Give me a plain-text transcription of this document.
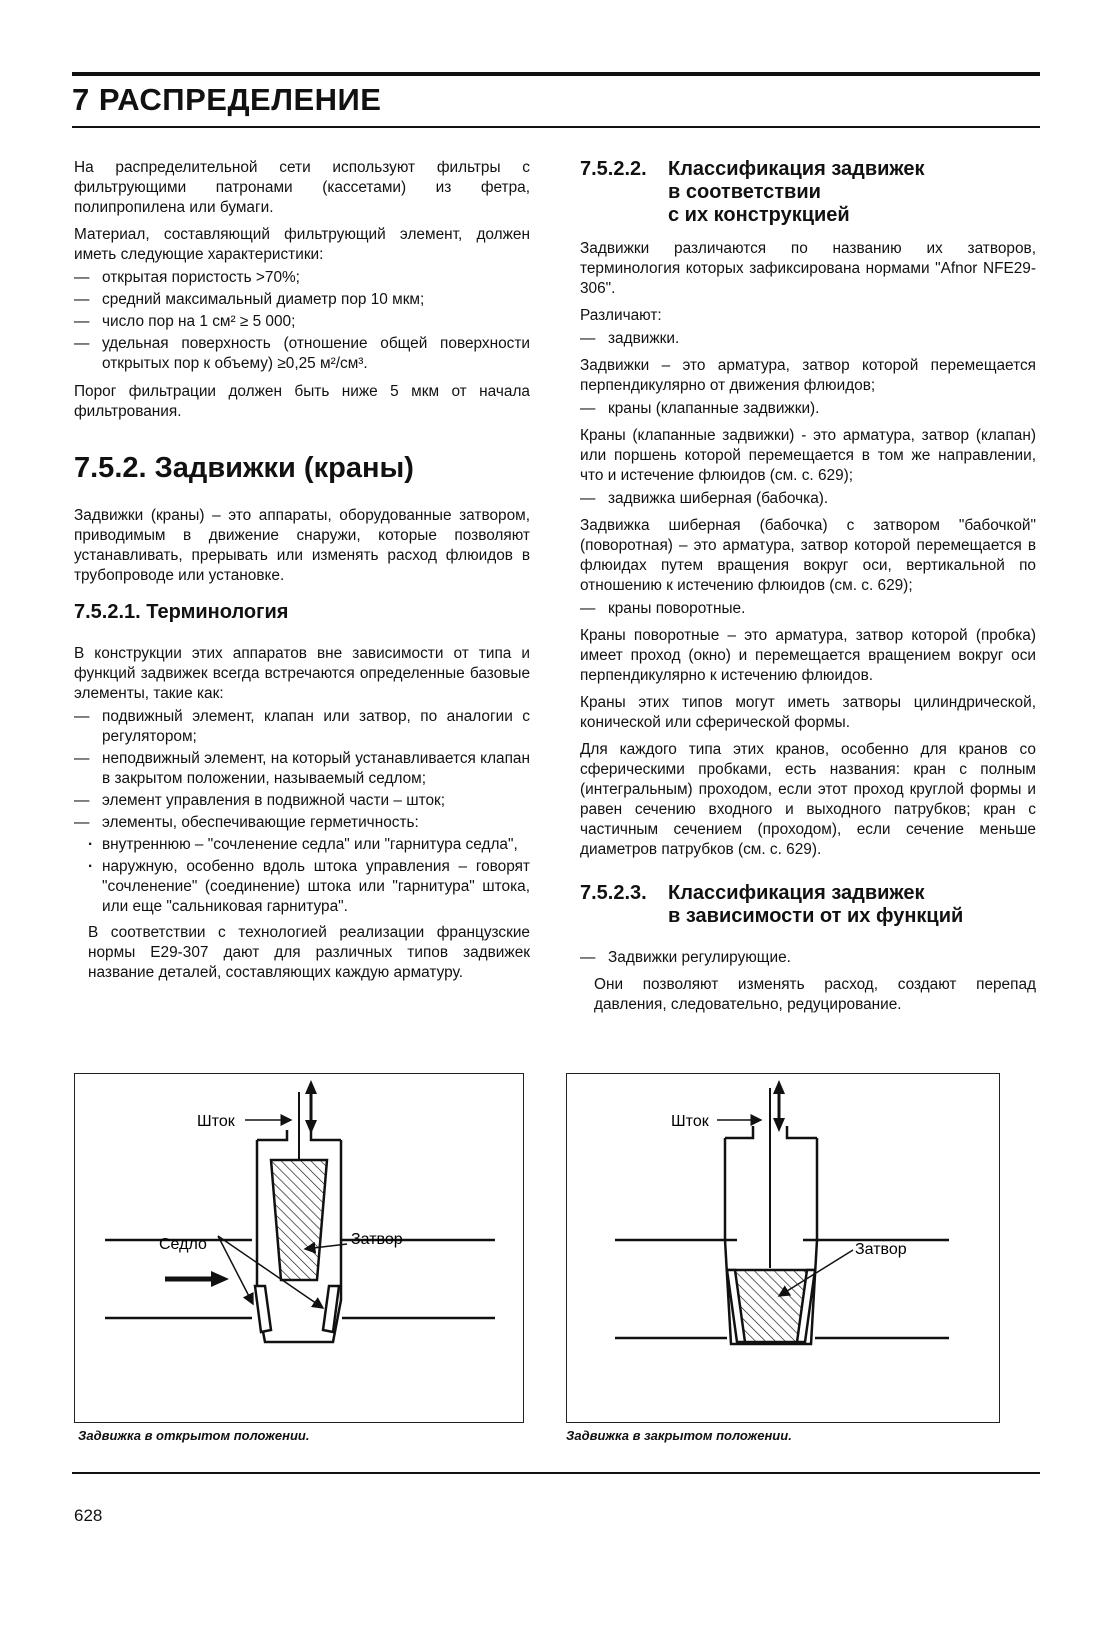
7 РАСПРЕДЕЛЕНИЕ

На распределительной сети используют фильтры с фильтрующими патронами (кассетами) из фетра, полипропилена или бумаги.

Материал, составляющий фильтрующий элемент, должен иметь следующие характеристики:

— открытая пористость >70%;
— средний максимальный диаметр пор 10 мкм;
— число пор на 1 см² ≥ 5 000;
— удельная поверхность (отношение общей поверхности открытых пор к объему) ≥0,25 м²/см³.

Порог фильтрации должен быть ниже 5 мкм от начала фильтрования.

7.5.2. Задвижки (краны)

Задвижки (краны) – это аппараты, оборудованные затвором, приводимым в движение снаружи, которые позволяют устанавливать, прерывать или изменять расход флюидов в трубопроводе или установке.

7.5.2.1. Терминология

В конструкции этих аппаратов вне зависимости от типа и функций задвижек всегда встречаются определенные базовые элементы, такие как:

— подвижный элемент, клапан или затвор, по аналогии с регулятором;
— неподвижный элемент, на который устанавливается клапан в закрытом положении, называемый седлом;
— элемент управления в подвижной части – шток;
— элементы, обеспечивающие герметичность:
· внутреннюю – "сочленение седла" или "гарнитура седла",
· наружную, особенно вдоль штока управления – говорят "сочленение" (соединение) штока или "гарнитура" штока, или еще "сальниковая гарнитура".

В соответствии с технологией реализации французские нормы E29-307 дают для различных типов задвижек название деталей, составляющих каждую арматуру.

7.5.2.2. Классификация задвижек
в соответствии
с их конструкцией

Задвижки различаются по названию их затворов, терминология которых зафиксирована нормами "Afnor NFE29-306".

Различают:

— задвижки.

Задвижки – это арматура, затвор которой перемещается перпендикулярно от движения флюидов;

— краны (клапанные задвижки).

Краны (клапанные задвижки) - это арматура, затвор (клапан) или поршень которой перемещается в том же направлении, что и истечение флюидов (см. с. 629);

— задвижка шиберная (бабочка).

Задвижка шиберная (бабочка) с затвором "бабочкой" (поворотная) – это арматура, затвор которой перемещается в флюидах путем вращения вокруг оси, вертикальной по отношению к истечению флюидов (см. с. 629);

— краны поворотные.

Краны поворотные – это арматура, затвор которой (пробка) имеет проход (окно) и перемещается вращением вокруг оси перпендикулярно к истечению флюидов.

Краны этих типов могут иметь затворы цилиндрической, конической или сферической формы.

Для каждого типа этих кранов, особенно для кранов со сферическими пробками, есть названия: кран с полным (интегральным) проходом, если этот проход круглой формы и равен сечению входного и выходного патрубков; кран с частичным сечением (проходом), если сечение меньше диаметров патрубков (см. с. 629).

7.5.2.3. Классификация задвижек
в зависимости от их функций
— Задвижки регулирующие.

Они позволяют изменять расход, создают перепад давления, следовательно, редуцирование.

Шток
Седло	Затвор
Задвижка в открытом положении.
Шток
Затвор
Задвижка в закрытом положении.
628
